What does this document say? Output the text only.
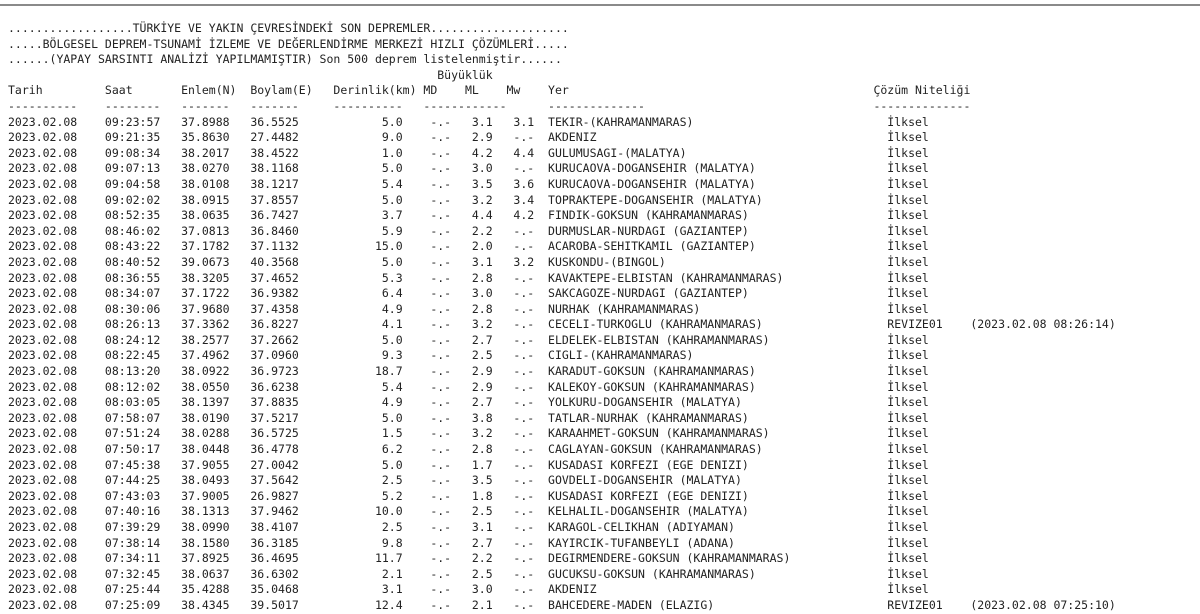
..................TÜRKİYE VE YAKIN ÇEVRESİNDEKİ SON DEPREMLER....................
.....BÖLGESEL DEPREM-TSUNAMİ İZLEME VE DEĞERLENDİRME MERKEZİ HIZLI ÇÖZÜMLERİ.....
......(YAPAY SARSINTI ANALİZİ YAPILMAMIŞTIR) Son 500 deprem listelenmiştir......
Büyüklük
Tarih         Saat       Enlem(N)  Boylam(E)   Derinlik(km) MD    ML    Mw    Yer                                            Çözüm Niteliği
----------    --------   -------   -------     ----------   ------------      --------------                                 --------------
2023.02.08    09:23:57   37.8988   36.5525            5.0    -.-   3.1   3.1  TEKIR-(KAHRAMANMARAS)                            İlksel
2023.02.08    09:21:35   35.8630   27.4482            9.0    -.-   2.9   -.-  AKDENIZ                                          İlksel
2023.02.08    09:08:34   38.2017   38.4522            1.0    -.-   4.2   4.4  GULUMUSAGI-(MALATYA)                             İlksel
2023.02.08    09:07:13   38.0270   38.1168            5.0    -.-   3.0   -.-  KURUCAOVA-DOGANSEHIR (MALATYA)                   İlksel
2023.02.08    09:04:58   38.0108   38.1217            5.4    -.-   3.5   3.6  KURUCAOVA-DOGANSEHIR (MALATYA)                   İlksel
2023.02.08    09:02:02   38.0915   37.8557            5.0    -.-   3.2   3.4  TOPRAKTEPE-DOGANSEHIR (MALATYA)                  İlksel
2023.02.08    08:52:35   38.0635   36.7427            3.7    -.-   4.4   4.2  FINDIK-GOKSUN (KAHRAMANMARAS)                    İlksel
2023.02.08    08:46:02   37.0813   36.8460            5.9    -.-   2.2   -.-  DURMUSLAR-NURDAGI (GAZIANTEP)                    İlksel
2023.02.08    08:43:22   37.1782   37.1132           15.0    -.-   2.0   -.-  ACAROBA-SEHITKAMIL (GAZIANTEP)                   İlksel
2023.02.08    08:40:52   39.0673   40.3568            5.0    -.-   3.1   3.2  KUSKONDU-(BINGOL)                                İlksel
2023.02.08    08:36:55   38.3205   37.4652            5.3    -.-   2.8   -.-  KAVAKTEPE-ELBISTAN (KAHRAMANMARAS)               İlksel
2023.02.08    08:34:07   37.1722   36.9382            6.4    -.-   3.0   -.-  SAKCAGOZE-NURDAGI (GAZIANTEP)                    İlksel
2023.02.08    08:30:06   37.9680   37.4358            4.9    -.-   2.8   -.-  NURHAK (KAHRAMANMARAS)                           İlksel
2023.02.08    08:26:13   37.3362   36.8227            4.1    -.-   3.2   -.-  CECELI-TURKOGLU (KAHRAMANMARAS)                  REVIZE01    (2023.02.08 08:26:14)
2023.02.08    08:24:12   38.2577   37.2662            5.0    -.-   2.7   -.-  ELDELEK-ELBISTAN (KAHRAMANMARAS)                 İlksel
2023.02.08    08:22:45   37.4962   37.0960            9.3    -.-   2.5   -.-  CIGLI-(KAHRAMANMARAS)                            İlksel
2023.02.08    08:13:20   38.0922   36.9723           18.7    -.-   2.9   -.-  KARADUT-GOKSUN (KAHRAMANMARAS)                   İlksel
2023.02.08    08:12:02   38.0550   36.6238            5.4    -.-   2.9   -.-  KALEKOY-GOKSUN (KAHRAMANMARAS)                   İlksel
2023.02.08    08:03:05   38.1397   37.8835            4.9    -.-   2.7   -.-  YOLKURU-DOGANSEHIR (MALATYA)                     İlksel
2023.02.08    07:58:07   38.0190   37.5217            5.0    -.-   3.8   -.-  TATLAR-NURHAK (KAHRAMANMARAS)                    İlksel
2023.02.08    07:51:24   38.0288   36.5725            1.5    -.-   3.2   -.-  KARAAHMET-GOKSUN (KAHRAMANMARAS)                 İlksel
2023.02.08    07:50:17   38.0448   36.4778            6.2    -.-   2.8   -.-  CAGLAYAN-GOKSUN (KAHRAMANMARAS)                  İlksel
2023.02.08    07:45:38   37.9055   27.0042            5.0    -.-   1.7   -.-  KUSADASI KORFEZI (EGE DENIZI)                    İlksel
2023.02.08    07:44:25   38.0493   37.5642            2.5    -.-   3.5   -.-  GOVDELI-DOGANSEHIR (MALATYA)                     İlksel
2023.02.08    07:43:03   37.9005   26.9827            5.2    -.-   1.8   -.-  KUSADASI KORFEZI (EGE DENIZI)                    İlksel
2023.02.08    07:40:16   38.1313   37.9462           10.0    -.-   2.5   -.-  KELHALIL-DOGANSEHIR (MALATYA)                    İlksel
2023.02.08    07:39:29   38.0990   38.4107            2.5    -.-   3.1   -.-  KARAGOL-CELIKHAN (ADIYAMAN)                      İlksel
2023.02.08    07:38:14   38.1580   36.3185            9.8    -.-   2.7   -.-  KAYIRCIK-TUFANBEYLI (ADANA)                      İlksel
2023.02.08    07:34:11   37.8925   36.4695           11.7    -.-   2.2   -.-  DEGIRMENDERE-GOKSUN (KAHRAMANMARAS)              İlksel
2023.02.08    07:32:45   38.0637   36.6302            2.1    -.-   2.5   -.-  GUCUKSU-GOKSUN (KAHRAMANMARAS)                   İlksel
2023.02.08    07:25:44   35.4288   35.0468            3.1    -.-   3.0   -.-  AKDENIZ                                          İlksel
2023.02.08    07:25:09   38.4345   39.5017           12.4    -.-   2.1   -.-  BAHCEDERE-MADEN (ELAZIG)                         REVIZE01    (2023.02.08 07:25:10)
